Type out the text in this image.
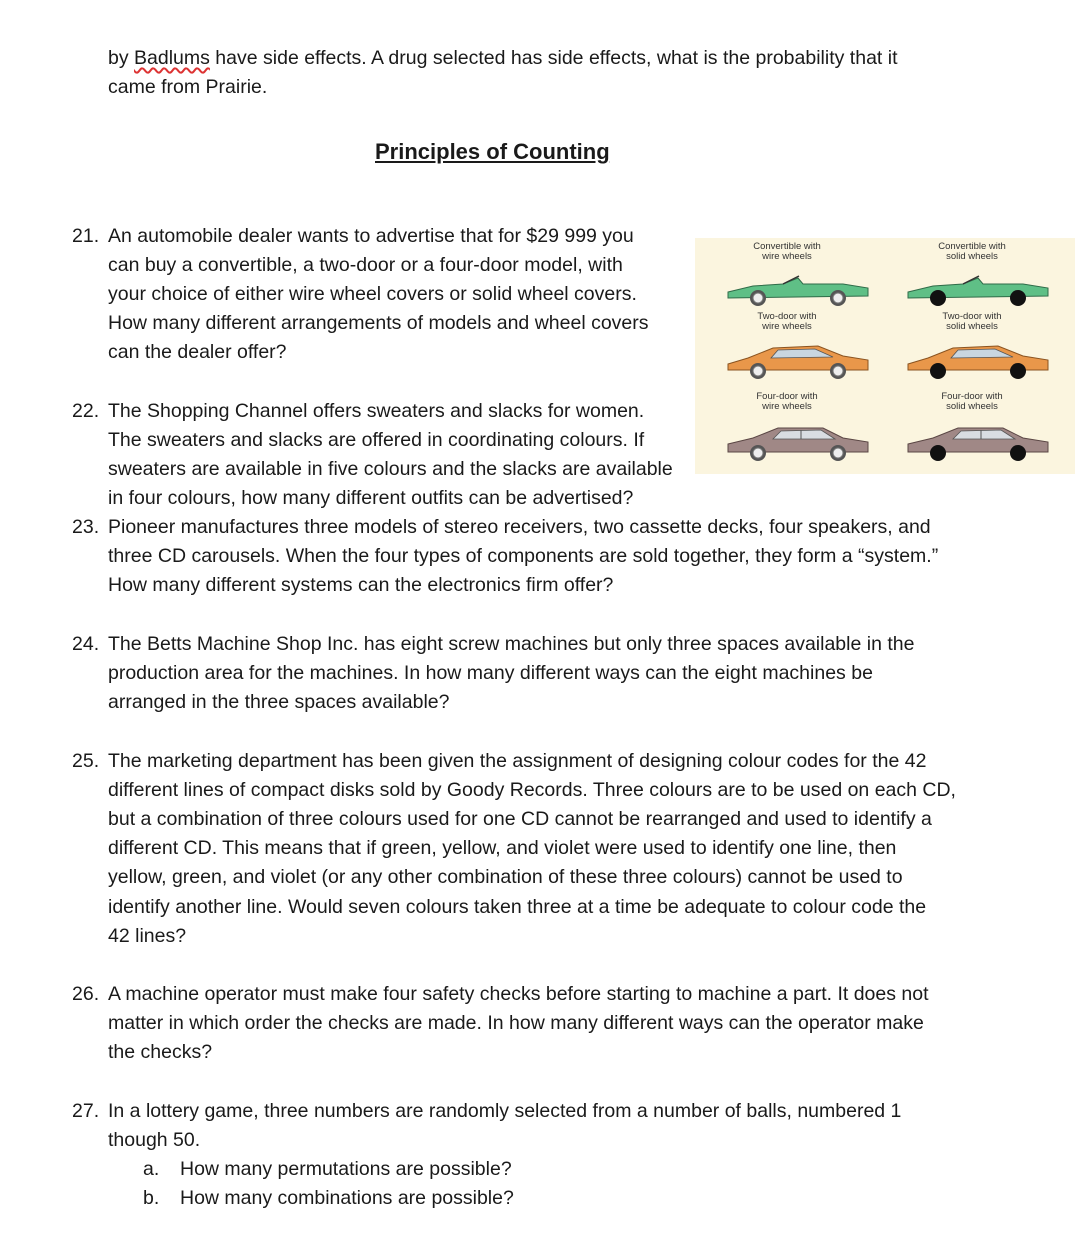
by Badlums have side effects. A drug selected has side effects, what is the probability that it
came from Prairie.
Principles of Counting
21. An automobile dealer wants to advertise that for $29 999 you
can buy a convertible, a two-door or a four-door model, with
your choice of either wire wheel covers or solid wheel covers.
How many different arrangements of models and wheel covers
can the dealer offer?
Convertible with
wire wheels
Convertible with
solid wheels
Two-door with
wire wheels
Two-door with
solid wheels
Four-door with
wire wheels
Four-door with
solid wheels
22. The Shopping Channel offers sweaters and slacks for women.
The sweaters and slacks are offered in coordinating colours. If
sweaters are available in five colours and the slacks are available
in four colours, how many different outfits can be advertised?
23. Pioneer manufactures three models of stereo receivers, two cassette decks, four speakers, and
three CD carousels. When the four types of components are sold together, they form a “system.”
How many different systems can the electronics firm offer?
24. The Betts Machine Shop Inc. has eight screw machines but only three spaces available in the
production area for the machines. In how many different ways can the eight machines be
arranged in the three spaces available?
25. The marketing department has been given the assignment of designing colour codes for the 42
different lines of compact disks sold by Goody Records. Three colours are to be used on each CD,
but a combination of three colours used for one CD cannot be rearranged and used to identify a
different CD. This means that if green, yellow, and violet were used to identify one line, then
yellow, green, and violet (or any other combination of these three colours) cannot be used to
identify another line. Would seven colours taken three at a time be adequate to colour code the
42 lines?
26. A machine operator must make four safety checks before starting to machine a part. It does not
matter in which order the checks are made. In how many different ways can the operator make
the checks?
27. In a lottery game, three numbers are randomly selected from a number of balls, numbered 1
though 50.
a. How many permutations are possible?
b. How many combinations are possible?
